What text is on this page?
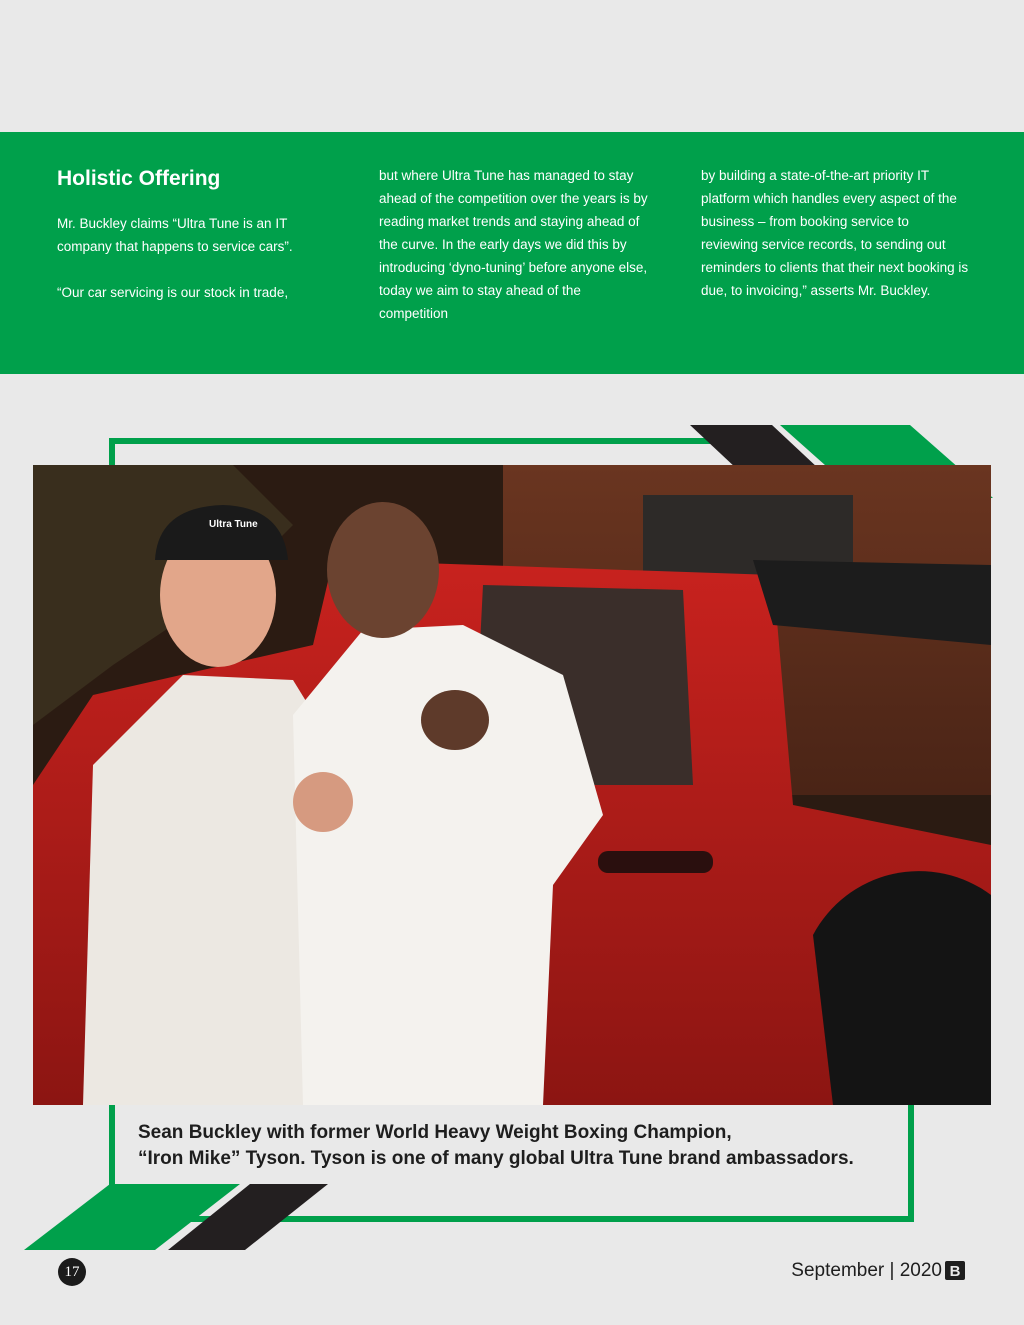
Holistic Offering

Mr. Buckley claims “Ultra Tune is an IT company that happens to service cars”.

“Our car servicing is our stock in trade,

but where Ultra Tune has managed to stay ahead of the competition over the years is by reading market trends and staying ahead of the curve. In the early days we did this by introducing ‘dyno-tuning’ before anyone else, today we aim to stay ahead of the competition

by building a state-of-the-art priority IT platform which handles every aspect of the business – from booking service to reviewing service records, to sending out reminders to clients that their next booking is due, to invoicing,” asserts Mr. Buckley.

Ultra Tune
Sean Buckley with former World Heavy Weight Boxing Champion,
“Iron Mike” Tyson. Tyson is one of many global Ultra Tune brand ambassadors.
17	September | 2020 B
